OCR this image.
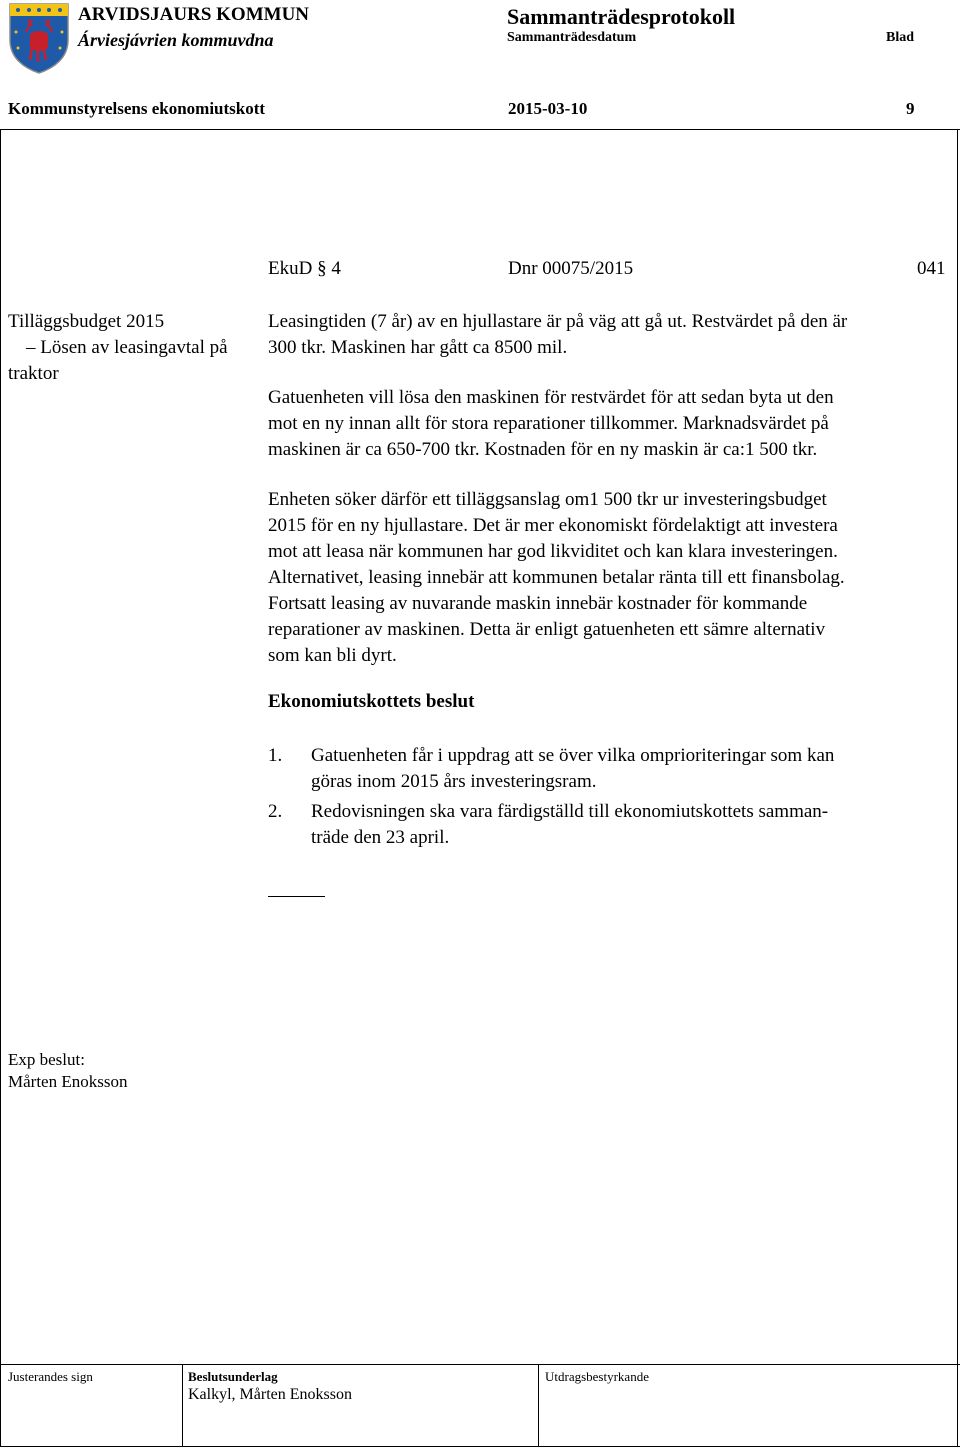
ARVIDSJAURS KOMMUN
Árviesjávrien kommuvdna
Sammanträdesprotokoll
Sammanträdesdatum	Blad
Kommunstyrelsens ekonomiutskott	2015-03-10	9
EkuD § 4	Dnr 00075/2015	041
Tilläggsbudget 2015
– Lösen av leasingavtal på
traktor
Leasingtiden (7 år) av en hjullastare är på väg att gå ut. Restvärdet på den är
300 tkr. Maskinen har gått ca 8500 mil.
Gatuenheten vill lösa den maskinen för restvärdet för att sedan byta ut den
mot en ny innan allt för stora reparationer tillkommer. Marknadsvärdet på
maskinen är ca 650-700 tkr. Kostnaden för en ny maskin är ca:1 500 tkr.
Enheten söker därför ett tilläggsanslag om1 500 tkr ur investeringsbudget
2015 för en ny hjullastare. Det är mer ekonomiskt fördelaktigt att investera
mot att leasa när kommunen har god likviditet och kan klara investeringen.
Alternativet, leasing innebär att kommunen betalar ränta till ett finansbolag.
Fortsatt leasing av nuvarande maskin innebär kostnader för kommande
reparationer av maskinen. Detta är enligt gatuenheten ett sämre alternativ
som kan bli dyrt.
Ekonomiutskottets beslut
1. Gatuenheten får i uppdrag att se över vilka omprioriteringar som kan
göras inom 2015 års investeringsram.
2. Redovisningen ska vara färdigställd till ekonomiutskottets samman-
träde den 23 april.
Exp beslut:
Mårten Enoksson
Justerandes sign	Beslutsunderlag
Kalkyl, Mårten Enoksson
Utdragsbestyrkande
